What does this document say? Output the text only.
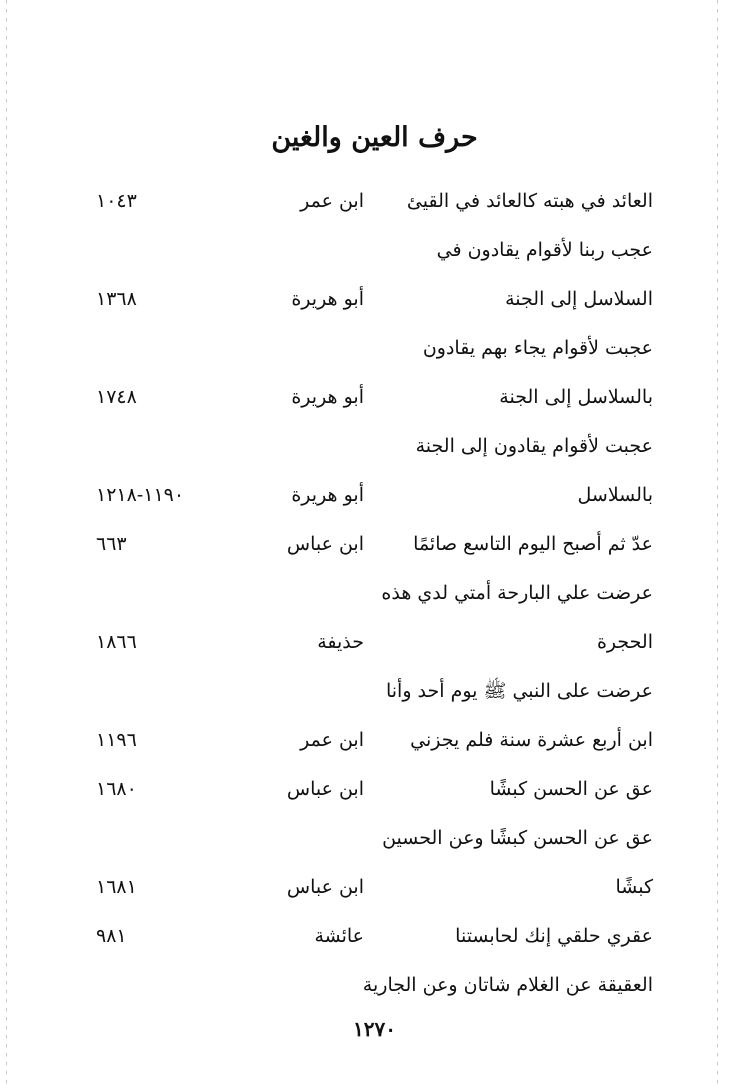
حرف العين والغين
العائد في هبته كالعائد في القيئ
ابن عمر
١٠٤٣
عجب ربنا لأقوام يقادون في
السلاسل إلى الجنة
أبو هريرة
١٣٦٨
عجبت لأقوام يجاء بهم يقادون
بالسلاسل إلى الجنة
أبو هريرة
١٧٤٨
عجبت لأقوام يقادون إلى الجنة
بالسلاسل
أبو هريرة
١١٩٠-١٢١٨
عدّ ثم أصبح اليوم التاسع صائمًا
ابن عباس
٦٦٣
عرضت علي البارحة أمتي لدي هذه
الحجرة
حذيفة
١٨٦٦
عرضت على النبي ﷺ يوم أحد وأنا
ابن أربع عشرة سنة فلم يجزني
ابن عمر
١١٩٦
عق عن الحسن كبشًا
ابن عباس
١٦٨٠
عق عن الحسن كبشًا وعن الحسين
كبشًا
ابن عباس
١٦٨١
عقري حلقي إنك لحابستنا
عائشة
٩٨١
العقيقة عن الغلام شاتان وعن الجارية
١٢٧٠
